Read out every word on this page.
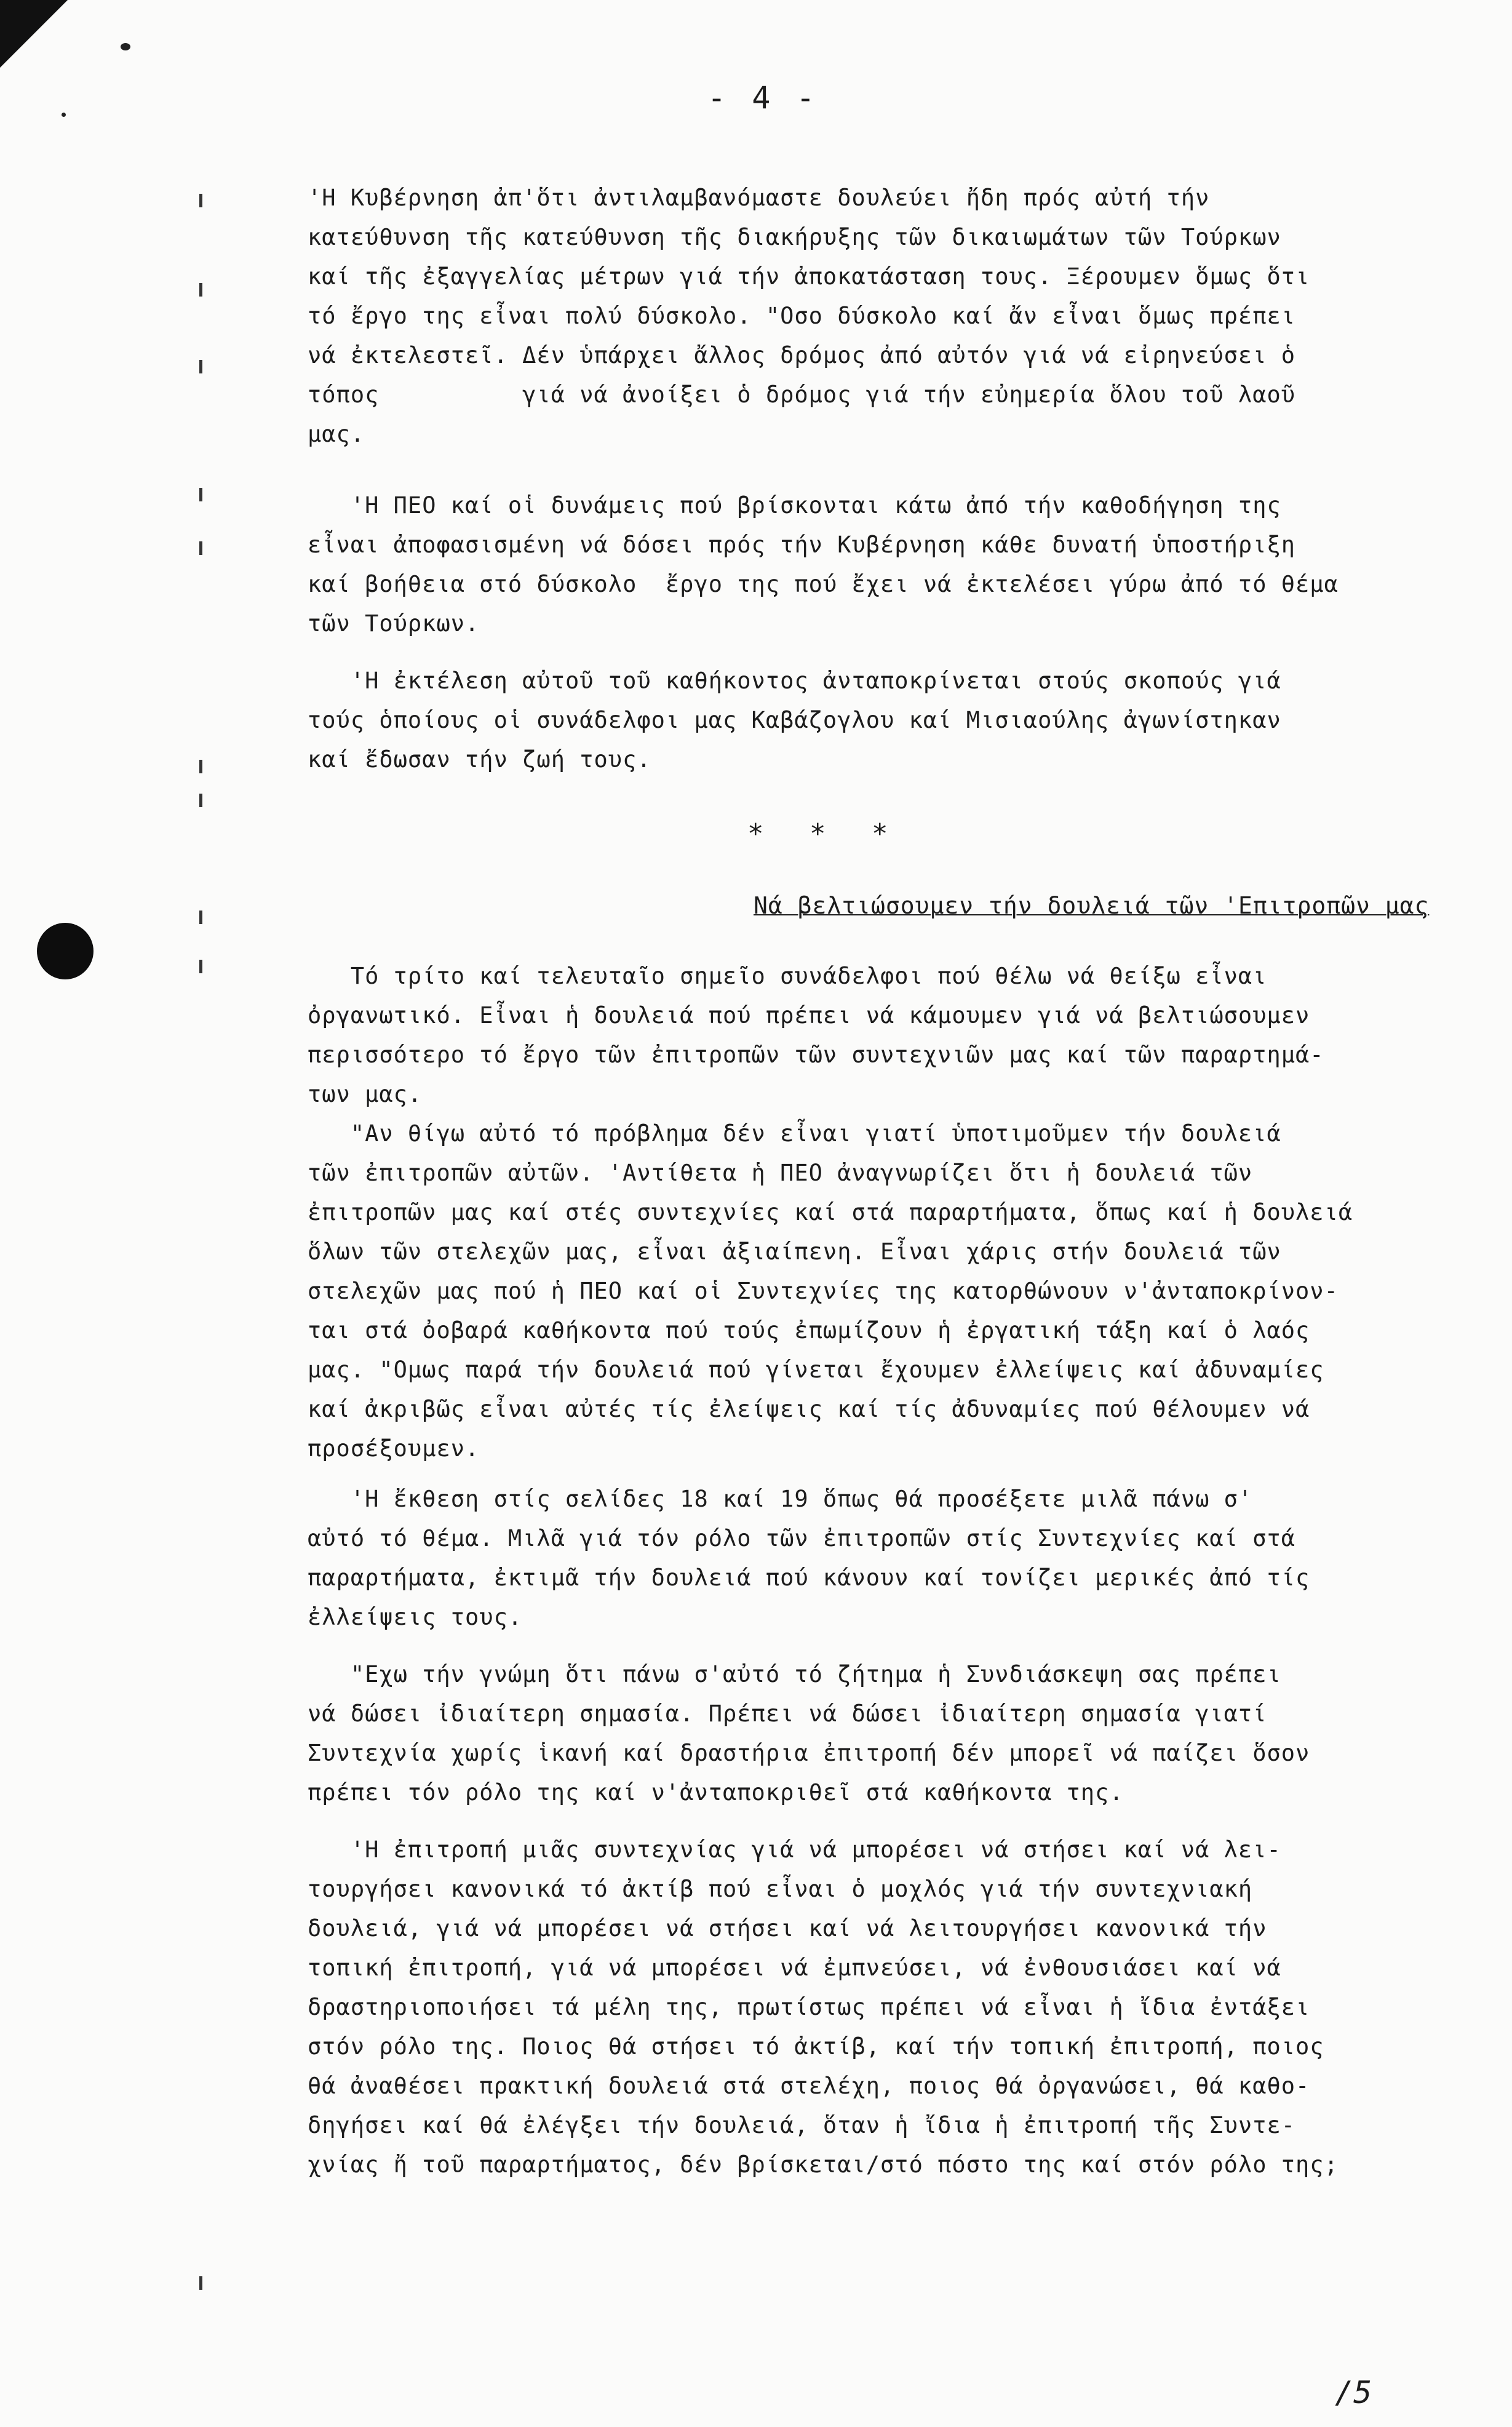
- 4 -
'Η Κυβέρνηση ἀπ'ὅτι ἀντιλαμβανόμαστε δουλεύει ἤδη πρός αὐτή τήν
κατεύθυνση τῆς κατεύθυνση τῆς διακήρυξης τῶν δικαιωμάτων τῶν Τούρκων
καί τῆς ἐξαγγελίας μέτρων γιά τήν ἀποκατάσταση τους. Ξέρουμεν ὅμως ὅτι
τό ἔργο της εἶναι πολύ δύσκολο. "Οσο δύσκολο καί ἄν εἶναι ὅμως πρέπει
νά ἐκτελεστεῖ. Δέν ὑπάρχει ἄλλος δρόμος ἀπό αὐτόν γιά νά εἰρηνεύσει ὁ
τόπος          γιά νά ἀνοίξει ὁ δρόμος γιά τήν εὐημερία ὅλου τοῦ λαοῦ
μας.
'Η ΠΕΟ καί οἱ δυνάμεις πού βρίσκονται κάτω ἀπό τήν καθοδήγηση της
εἶναι ἀποφασισμένη νά δόσει πρός τήν Κυβέρνηση κάθε δυνατή ὑποστήριξη
καί βοήθεια στό δύσκολο  ἔργο της πού ἔχει νά ἐκτελέσει γύρω ἀπό τό θέμα
τῶν Τούρκων.
'Η ἐκτέλεση αὐτοῦ τοῦ καθήκοντος ἀνταποκρίνεται στούς σκοπούς γιά
τούς ὁποίους οἱ συνάδελφοι μας Καβάζογλου καί Μισιαούλης ἀγωνίστηκαν
καί ἔδωσαν τήν ζωή τους.
* * *
Νά βελτιώσουμεν τήν δουλειά τῶν 'Επιτροπῶν μας
Τό τρίτο καί τελευταῖο σημεῖο συνάδελφοι πού θέλω νά θείξω εἶναι
ὀργανωτικό. Εἶναι ἡ δουλειά πού πρέπει νά κάμουμεν γιά νά βελτιώσουμεν
περισσότερο τό ἔργο τῶν ἐπιτροπῶν τῶν συντεχνιῶν μας καί τῶν παραρτημά-
των μας.
"Αν θίγω αὐτό τό πρόβλημα δέν εἶναι γιατί ὑποτιμοῦμεν τήν δουλειά
τῶν ἐπιτροπῶν αὐτῶν. 'Αντίθετα ἡ ΠΕΟ ἀναγνωρίζει ὅτι ἡ δουλειά τῶν
ἐπιτροπῶν μας καί στές συντεχνίες καί στά παραρτήματα, ὅπως καί ἡ δουλειά
ὅλων τῶν στελεχῶν μας, εἶναι ἀξιαίπενη. Εἶναι χάρις στήν δουλειά τῶν
στελεχῶν μας πού ἡ ΠΕΟ καί οἱ Συντεχνίες της κατορθώνουν ν'ἀνταποκρίνον-
ται στά ὀοβαρά καθήκοντα πού τούς ἐπωμίζουν ἡ ἐργατική τάξη καί ὁ λαός
μας. "Ομως παρά τήν δουλειά πού γίνεται ἔχουμεν ἐλλείψεις καί ἀδυναμίες
καί ἀκριβῶς εἶναι αὐτές τίς ἐλείψεις καί τίς ἀδυναμίες πού θέλουμεν νά
προσέξουμεν.
'Η ἔκθεση στίς σελίδες 18 καί 19 ὅπως θά προσέξετε μιλᾶ πάνω σ'
αὐτό τό θέμα. Μιλᾶ γιά τόν ρόλο τῶν ἐπιτροπῶν στίς Συντεχνίες καί στά
παραρτήματα, ἐκτιμᾶ τήν δουλειά πού κάνουν καί τονίζει μερικές ἀπό τίς
ἐλλείψεις τους.
"Εχω τήν γνώμη ὅτι πάνω σ'αὐτό τό ζήτημα ἡ Συνδιάσκεψη σας πρέπει
νά δώσει ἰδιαίτερη σημασία. Πρέπει νά δώσει ἰδιαίτερη σημασία γιατί
Συντεχνία χωρίς ἱκανή καί δραστήρια ἐπιτροπή δέν μπορεῖ νά παίζει ὅσον
πρέπει τόν ρόλο της καί ν'ἀνταποκριθεῖ στά καθήκοντα της.
'Η ἐπιτροπή μιᾶς συντεχνίας γιά νά μπορέσει νά στήσει καί νά λει-
τουργήσει κανονικά τό ἀκτίβ πού εἶναι ὁ μοχλός γιά τήν συντεχνιακή
δουλειά, γιά νά μπορέσει νά στήσει καί νά λειτουργήσει κανονικά τήν
τοπική ἐπιτροπή, γιά νά μπορέσει νά ἐμπνεύσει, νά ἐνθουσιάσει καί νά
δραστηριοποιήσει τά μέλη της, πρωτίστως πρέπει νά εἶναι ἡ ἴδια ἐντάξει
στόν ρόλο της. Ποιος θά στήσει τό ἀκτίβ, καί τήν τοπική ἐπιτροπή, ποιος
θά ἀναθέσει πρακτική δουλειά στά στελέχη, ποιος θά ὀργανώσει, θά καθο-
δηγήσει καί θά ἐλέγξει τήν δουλειά, ὅταν ἡ ἴδια ἡ ἐπιτροπή τῆς Συντε-
χνίας ἤ τοῦ παραρτήματος, δέν βρίσκεται/στό πόστο της καί στόν ρόλο της;
/5
